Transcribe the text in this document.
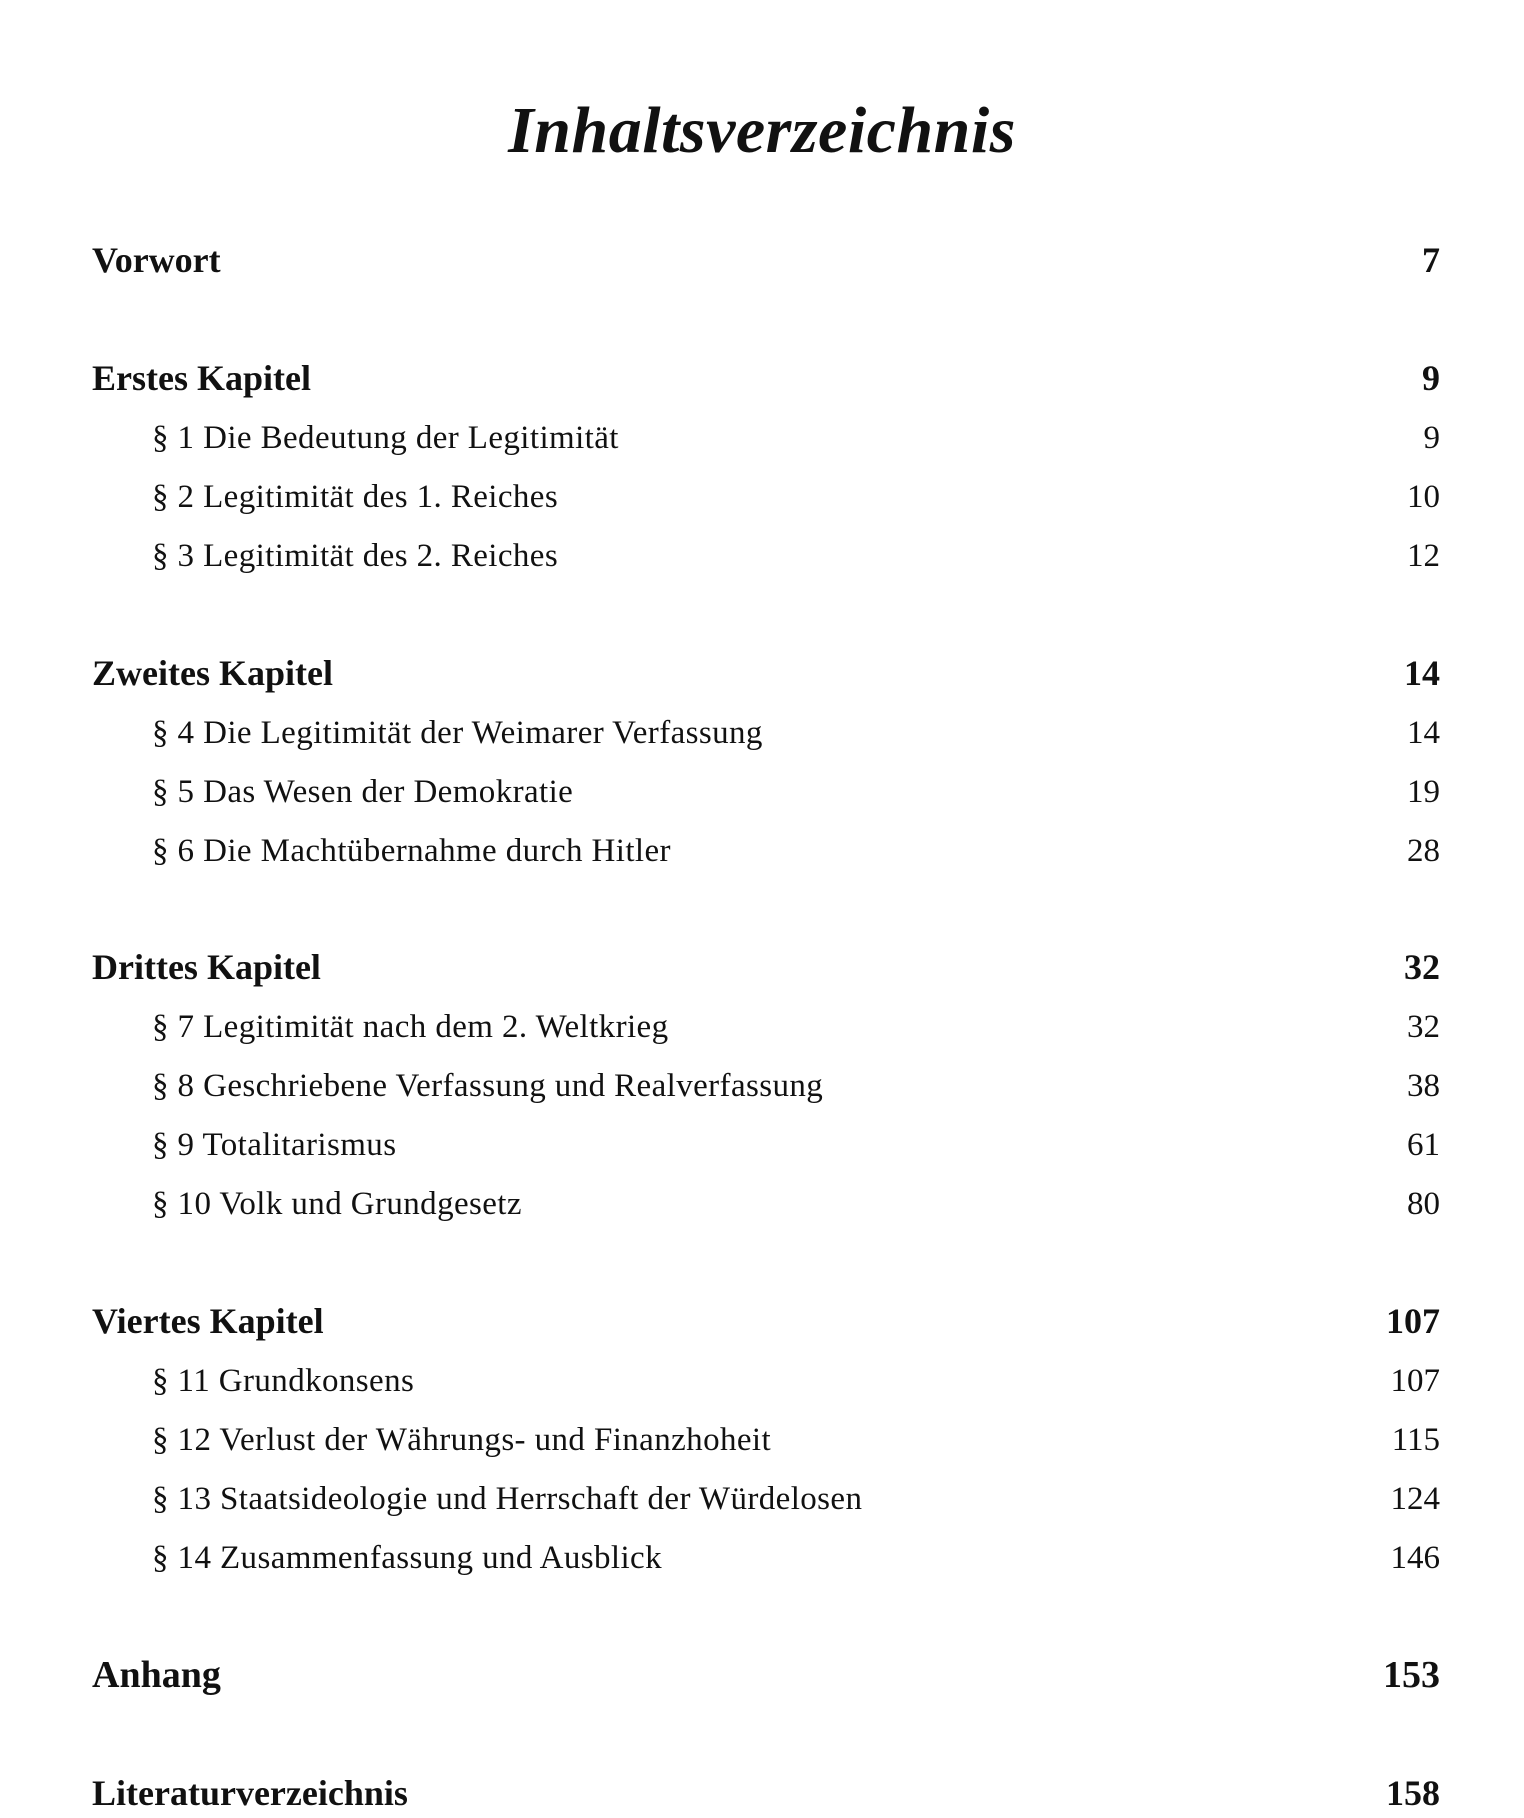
Inhaltsverzeichnis
Vorwort	7
Erstes Kapitel	9
§ 1 Die Bedeutung der Legitimität	9
§ 2 Legitimität des 1. Reiches	10
§ 3 Legitimität des 2. Reiches	12
Zweites Kapitel	14
§ 4 Die Legitimität der Weimarer Verfassung	14
§ 5 Das Wesen der Demokratie	19
§ 6 Die Machtübernahme durch Hitler	28
Drittes Kapitel	32
§ 7 Legitimität nach dem 2. Weltkrieg	32
§ 8 Geschriebene Verfassung und Realverfassung	38
§ 9 Totalitarismus	61
§ 10 Volk und Grundgesetz	80
Viertes Kapitel	107
§ 11 Grundkonsens	107
§ 12 Verlust der Währungs- und Finanzhoheit	115
§ 13 Staatsideologie und Herrschaft der Würdelosen	124
§ 14 Zusammenfassung und Ausblick	146
Anhang	153
Literaturverzeichnis	158
